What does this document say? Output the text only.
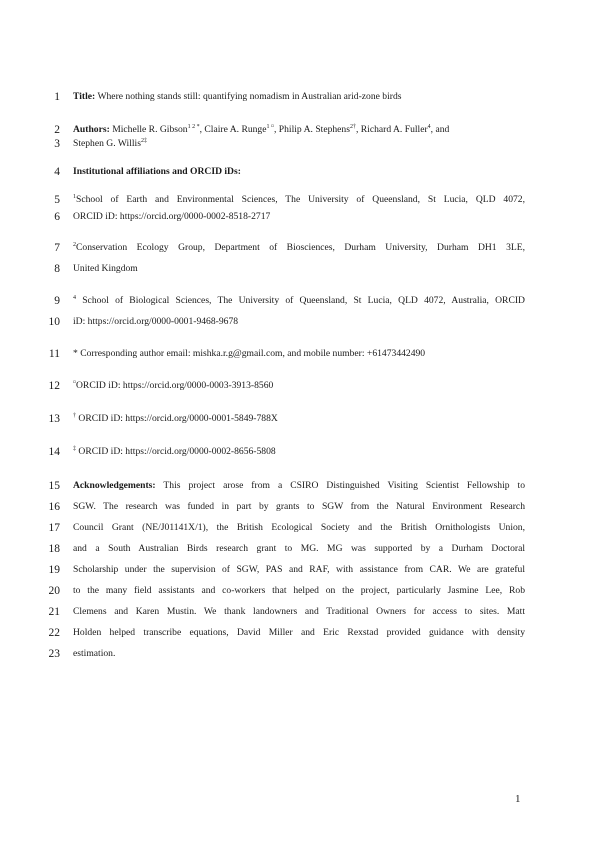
1 Title: Where nothing stands still: quantifying nomadism in Australian arid-zone birds
2 Authors: Michelle R. Gibson$^{1 2 *}$, Claire A. Runge$^{1 ¤}$, Philip A. Stephens$^{2\dagger}$, Richard A. Fuller$^4$, and
3 Stephen G. Willis$^{2\ddagger}$
4 Institutional affiliations and ORCID iDs:
5 $^1$School of Earth and Environmental Sciences, The University of Queensland, St Lucia, QLD 4072,
6 ORCID iD: https://orcid.org/0000-0002-8518-2717
7 $^2$Conservation Ecology Group, Department of Biosciences, Durham University, Durham DH1 3LE,
8 United Kingdom
9 $^4$ School of Biological Sciences, The University of Queensland, St Lucia, QLD 4072, Australia, ORCID
10 iD: https://orcid.org/0000-0001-9468-9678
11 * Corresponding author email: mishka.r.g@gmail.com, and mobile number: +61473442490
12 ¤ORCID iD: https://orcid.org/0000-0003-3913-8560
13 † ORCID iD: https://orcid.org/0000-0001-5849-788X
14 ‡ ORCID iD: https://orcid.org/0000-0002-8656-5808
15 Acknowledgements: This project arose from a CSIRO Distinguished Visiting Scientist Fellowship to
16 SGW. The research was funded in part by grants to SGW from the Natural Environment Research
17 Council Grant (NE/J01141X/1), the British Ecological Society and the British Ornithologists Union,
18 and a South Australian Birds research grant to MG. MG was supported by a Durham Doctoral
19 Scholarship under the supervision of SGW, PAS and RAF, with assistance from CAR. We are grateful
20 to the many field assistants and co-workers that helped on the project, particularly Jasmine Lee, Rob
21 Clemens and Karen Mustin. We thank landowners and Traditional Owners for access to sites. Matt
22 Holden helped transcribe equations, David Miller and Eric Rexstad provided guidance with density
23 estimation.
1
